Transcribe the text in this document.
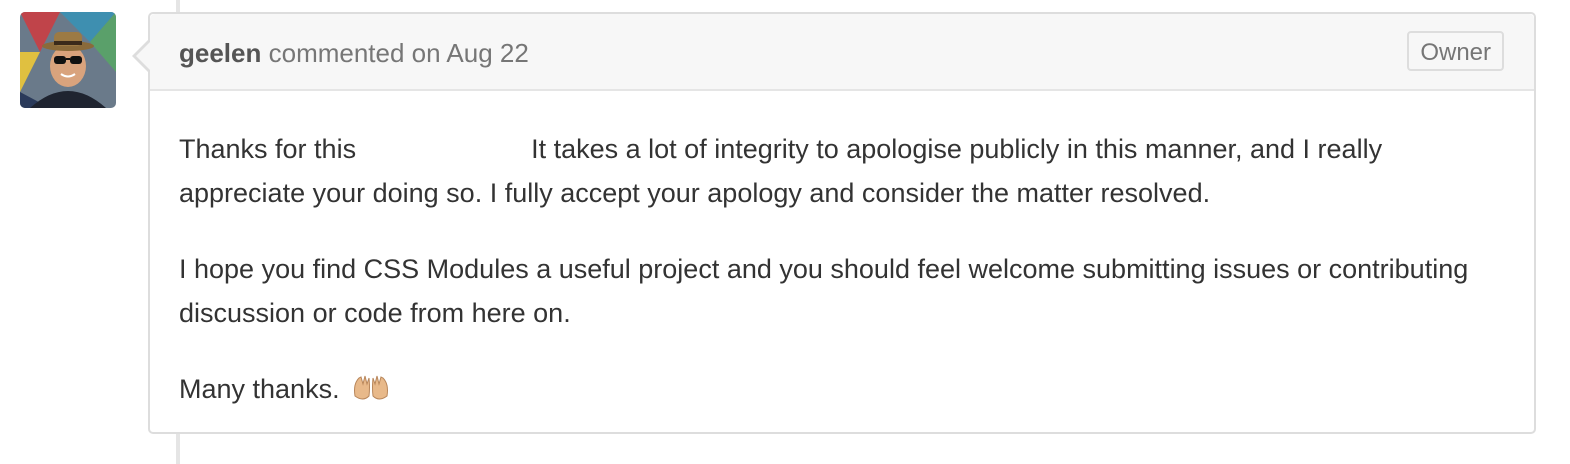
geelen commented on Aug 22	Owner

Thanks for this	It takes a lot of integrity to apologise publicly in this manner, and I really appreciate your doing so. I fully accept your apology and consider the matter resolved.

I hope you find CSS Modules a useful project and you should feel welcome submitting issues or contributing discussion or code from here on.

Many thanks.
